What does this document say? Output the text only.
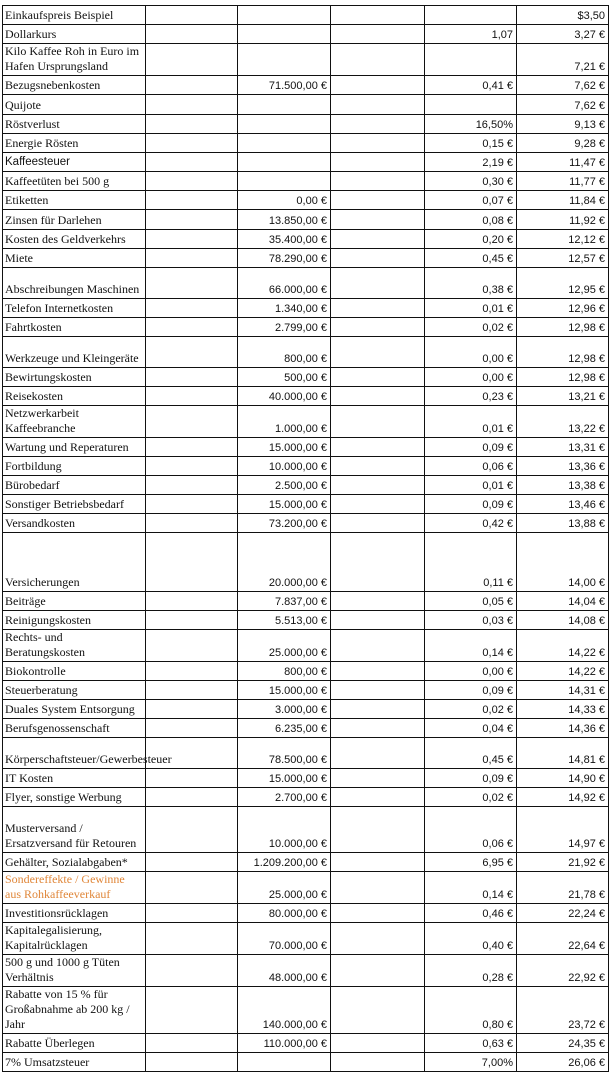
Einkaufspreis Beispiel					$3,50
Dollarkurs				1,07	3,27 €
Kilo Kaffee Roh in Euro im Hafen Ursprungsland					7,21 €
Bezugsnebenkosten		71.500,00 €		0,41 €	7,62 €
Quijote					7,62 €
Röstverlust				16,50%	9,13 €
Energie Rösten				0,15 €	9,28 €
Kaffeesteuer				2,19 €	11,47 €
Kaffeetüten bei 500 g				0,30 €	11,77 €
Etiketten		0,00 €		0,07 €	11,84 €
Zinsen für Darlehen		13.850,00 €		0,08 €	11,92 €
Kosten des Geldverkehrs		35.400,00 €		0,20 €	12,12 €
Miete		78.290,00 €		0,45 €	12,57 €
Abschreibungen Maschinen		66.000,00 €		0,38 €	12,95 €
Telefon Internetkosten		1.340,00 €		0,01 €	12,96 €
Fahrtkosten		2.799,00 €		0,02 €	12,98 €
Werkzeuge und Kleingeräte		800,00 €		0,00 €	12,98 €
Bewirtungskosten		500,00 €		0,00 €	12,98 €
Reisekosten		40.000,00 €		0,23 €	13,21 €
Netzwerkarbeit Kaffeebranche		1.000,00 €		0,01 €	13,22 €
Wartung und Reperaturen		15.000,00 €		0,09 €	13,31 €
Fortbildung		10.000,00 €		0,06 €	13,36 €
Bürobedarf		2.500,00 €		0,01 €	13,38 €
Sonstiger Betriebsbedarf		15.000,00 €		0,09 €	13,46 €
Versandkosten		73.200,00 €		0,42 €	13,88 €
Versicherungen		20.000,00 €		0,11 €	14,00 €
Beiträge		7.837,00 €		0,05 €	14,04 €
Reinigungskosten		5.513,00 €		0,03 €	14,08 €
Rechts- und Beratungskosten		25.000,00 €		0,14 €	14,22 €
Biokontrolle		800,00 €		0,00 €	14,22 €
Steuerberatung		15.000,00 €		0,09 €	14,31 €
Duales System Entsorgung		3.000,00 €		0,02 €	14,33 €
Berufsgenossenschaft		6.235,00 €		0,04 €	14,36 €
Körperschaftsteuer/Gewerbesteuer		78.500,00 €		0,45 €	14,81 €
IT Kosten		15.000,00 €		0,09 €	14,90 €
Flyer, sonstige Werbung		2.700,00 €		0,02 €	14,92 €
Musterversand / Ersatzversand für Retouren		10.000,00 €		0,06 €	14,97 €
Gehälter, Sozialabgaben*		1.209.200,00 €		6,95 €	21,92 €
Sondereffekte / Gewinne aus Rohkaffeeverkauf		25.000,00 €		0,14 €	21,78 €
Investitionsrücklagen		80.000,00 €		0,46 €	22,24 €
Kapitalegalisierung, Kapitalrücklagen		70.000,00 €		0,40 €	22,64 €
500 g und 1000 g Tüten Verhältnis		48.000,00 €		0,28 €	22,92 €
Rabatte von 15 % für Großabnahme ab 200 kg / Jahr		140.000,00 €		0,80 €	23,72 €
Rabatte Überlegen		110.000,00 €		0,63 €	24,35 €
7% Umsatzsteuer				7,00%	26,06 €
